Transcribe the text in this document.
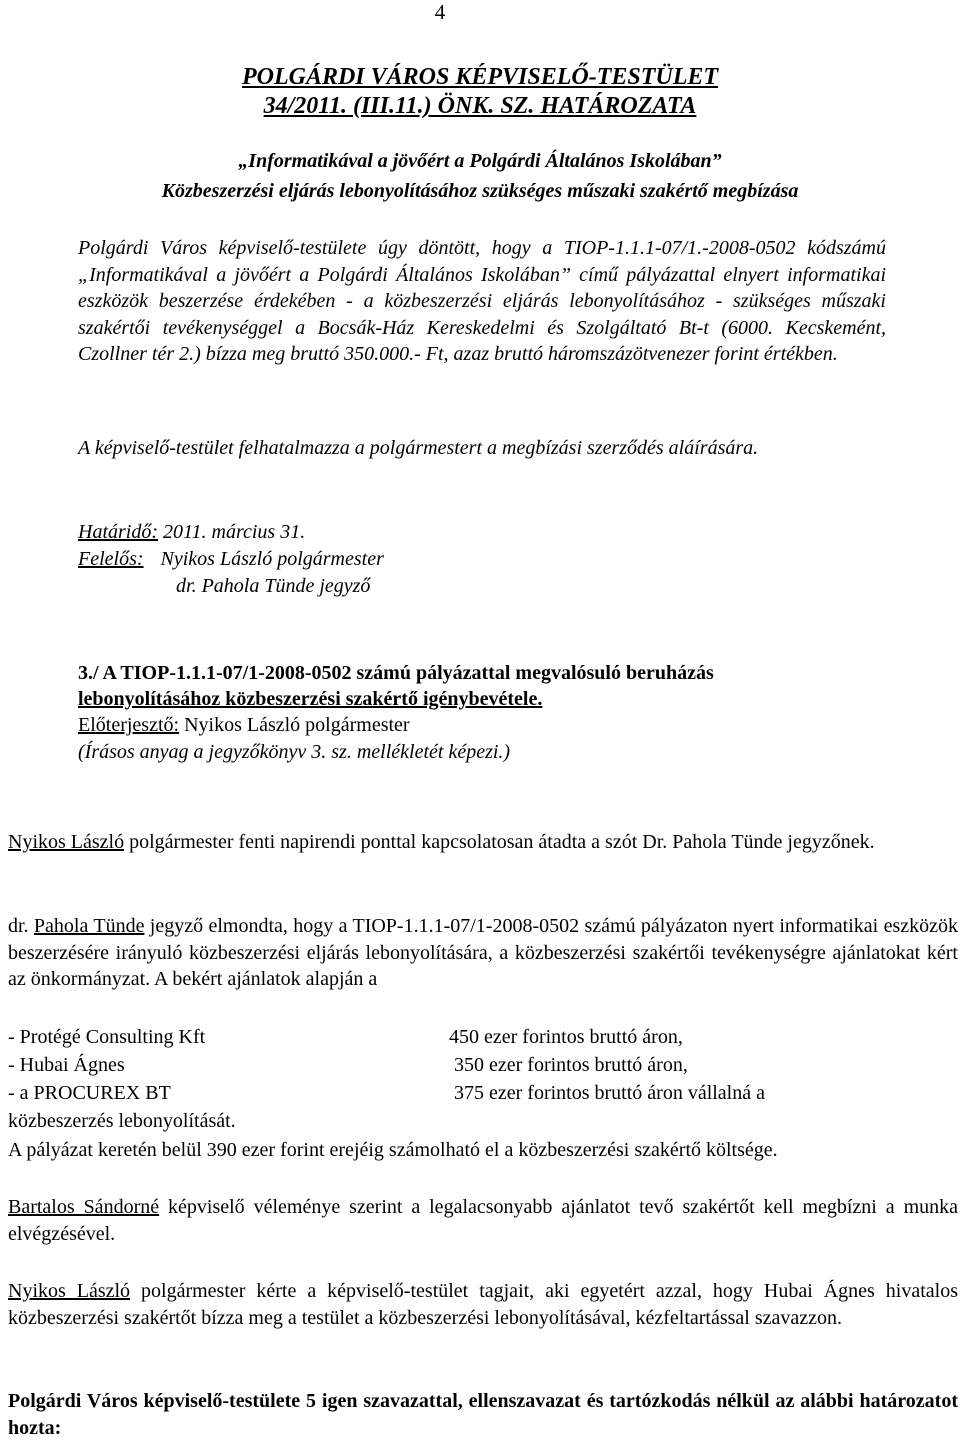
4
POLGÁRDI VÁROS KÉPVISELŐ-TESTÜLET
34/2011. (III.11.) ÖNK. SZ. HATÁROZATA
„Informatikával a jövőért a Polgárdi Általános Iskolában”
Közbeszerzési eljárás lebonyolításához szükséges műszaki szakértő megbízása

Polgárdi Város képviselő-testülete úgy döntött, hogy a TIOP-1.1.1-07/1.-2008-0502 kódszámú „Informatikával a jövőért a Polgárdi Általános Iskolában” című pályázattal elnyert informatikai eszközök beszerzése érdekében - a közbeszerzési eljárás lebonyolításához - szükséges műszaki szakértői tevékenységgel a Bocsák-Ház Kereskedelmi és Szolgáltató Bt-t (6000. Kecskemént, Czollner tér 2.) bízza meg bruttó 350.000.- Ft, azaz bruttó háromszázötvenezer forint értékben.

A képviselő-testület felhatalmazza a polgármestert a megbízási szerződés aláírására.

Határidő: 2011. március 31.
Felelős: Nyikos László polgármester
dr. Pahola Tünde jegyző
3./ A TIOP-1.1.1-07/1-2008-0502 számú pályázattal megvalósuló beruházás
lebonyolításához közbeszerzési szakértő igénybevétele.
Előterjesztő: Nyikos László polgármester
(Írásos anyag a jegyzőkönyv 3. sz. mellékletét képezi.)

Nyikos László polgármester fenti napirendi ponttal kapcsolatosan átadta a szót Dr. Pahola Tünde jegyzőnek.

dr. Pahola Tünde jegyző elmondta, hogy a TIOP-1.1.1-07/1-2008-0502 számú pályázaton nyert informatikai eszközök beszerzésére irányuló közbeszerzési eljárás lebonyolítására, a közbeszerzési szakértői tevékenységre ajánlatokat kért az önkormányzat. A bekért ajánlatok alapján a

- Protégé Consulting Kft	450 ezer forintos bruttó áron,
- Hubai Ágnes	350 ezer forintos bruttó áron,
- a PROCUREX BT	375 ezer forintos bruttó áron vállalná a
közbeszerzés lebonyolítását.
A pályázat keretén belül 390 ezer forint erejéig számolható el a közbeszerzési szakértő költsége.

Bartalos Sándorné képviselő véleménye szerint a legalacsonyabb ajánlatot tevő szakértőt kell megbízni a munka elvégzésével.

Nyikos László polgármester kérte a képviselő-testület tagjait, aki egyetért azzal, hogy Hubai Ágnes hivatalos közbeszerzési szakértőt bízza meg a testület a közbeszerzési lebonyolításával, kézfeltartással szavazzon.

Polgárdi Város képviselő-testülete 5 igen szavazattal, ellenszavazat és tartózkodás nélkül az alábbi határozatot hozta:
